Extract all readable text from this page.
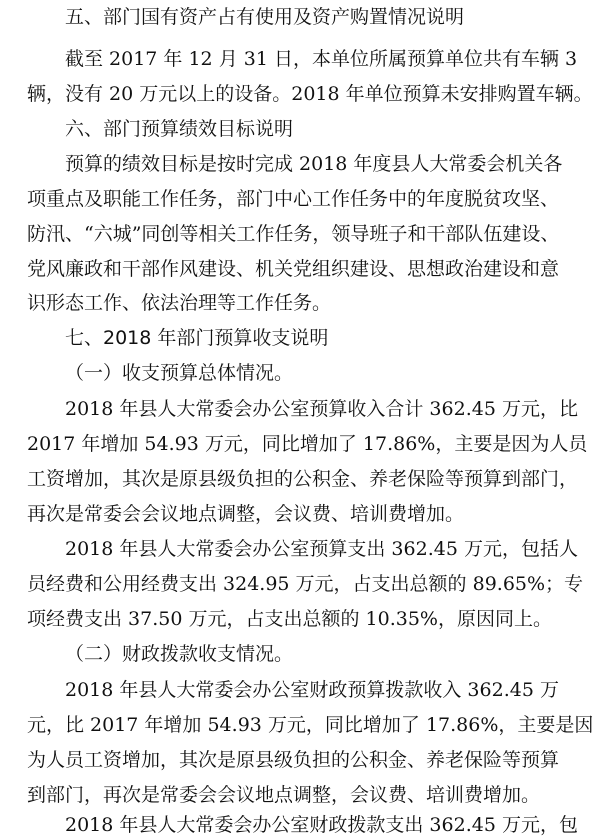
五、部门国有资产占有使用及资产购置情况说明
截至 2017 年 12 月 31 日，本单位所属预算单位共有车辆 3
辆，没有 20 万元以上的设备。2018 年单位预算未安排购置车辆。
六、部门预算绩效目标说明
预算的绩效目标是按时完成 2018 年度县人大常委会机关各
项重点及职能工作任务，部门中心工作任务中的年度脱贫攻坚、
防汛、“六城”同创等相关工作任务，领导班子和干部队伍建设、
党风廉政和干部作风建设、机关党组织建设、思想政治建设和意
识形态工作、依法治理等工作任务。
七、2018 年部门预算收支说明
（一）收支预算总体情况。
2018 年县人大常委会办公室预算收入合计 362.45 万元，比
2017 年增加 54.93 万元，同比增加了 17.86%，主要是因为人员
工资增加，其次是原县级负担的公积金、养老保险等预算到部门，
再次是常委会会议地点调整，会议费、培训费增加。
2018 年县人大常委会办公室预算支出 362.45 万元，包括人
员经费和公用经费支出 324.95 万元，占支出总额的 89.65%；专
项经费支出 37.50 万元，占支出总额的 10.35%，原因同上。
（二）财政拨款收支情况。
2018 年县人大常委会办公室财政预算拨款收入 362.45 万
元，比 2017 年增加 54.93 万元，同比增加了 17.86%，主要是因
为人员工资增加，其次是原县级负担的公积金、养老保险等预算
到部门，再次是常委会会议地点调整，会议费、培训费增加。
2018 年县人大常委会办公室财政拨款支出 362.45 万元，包
